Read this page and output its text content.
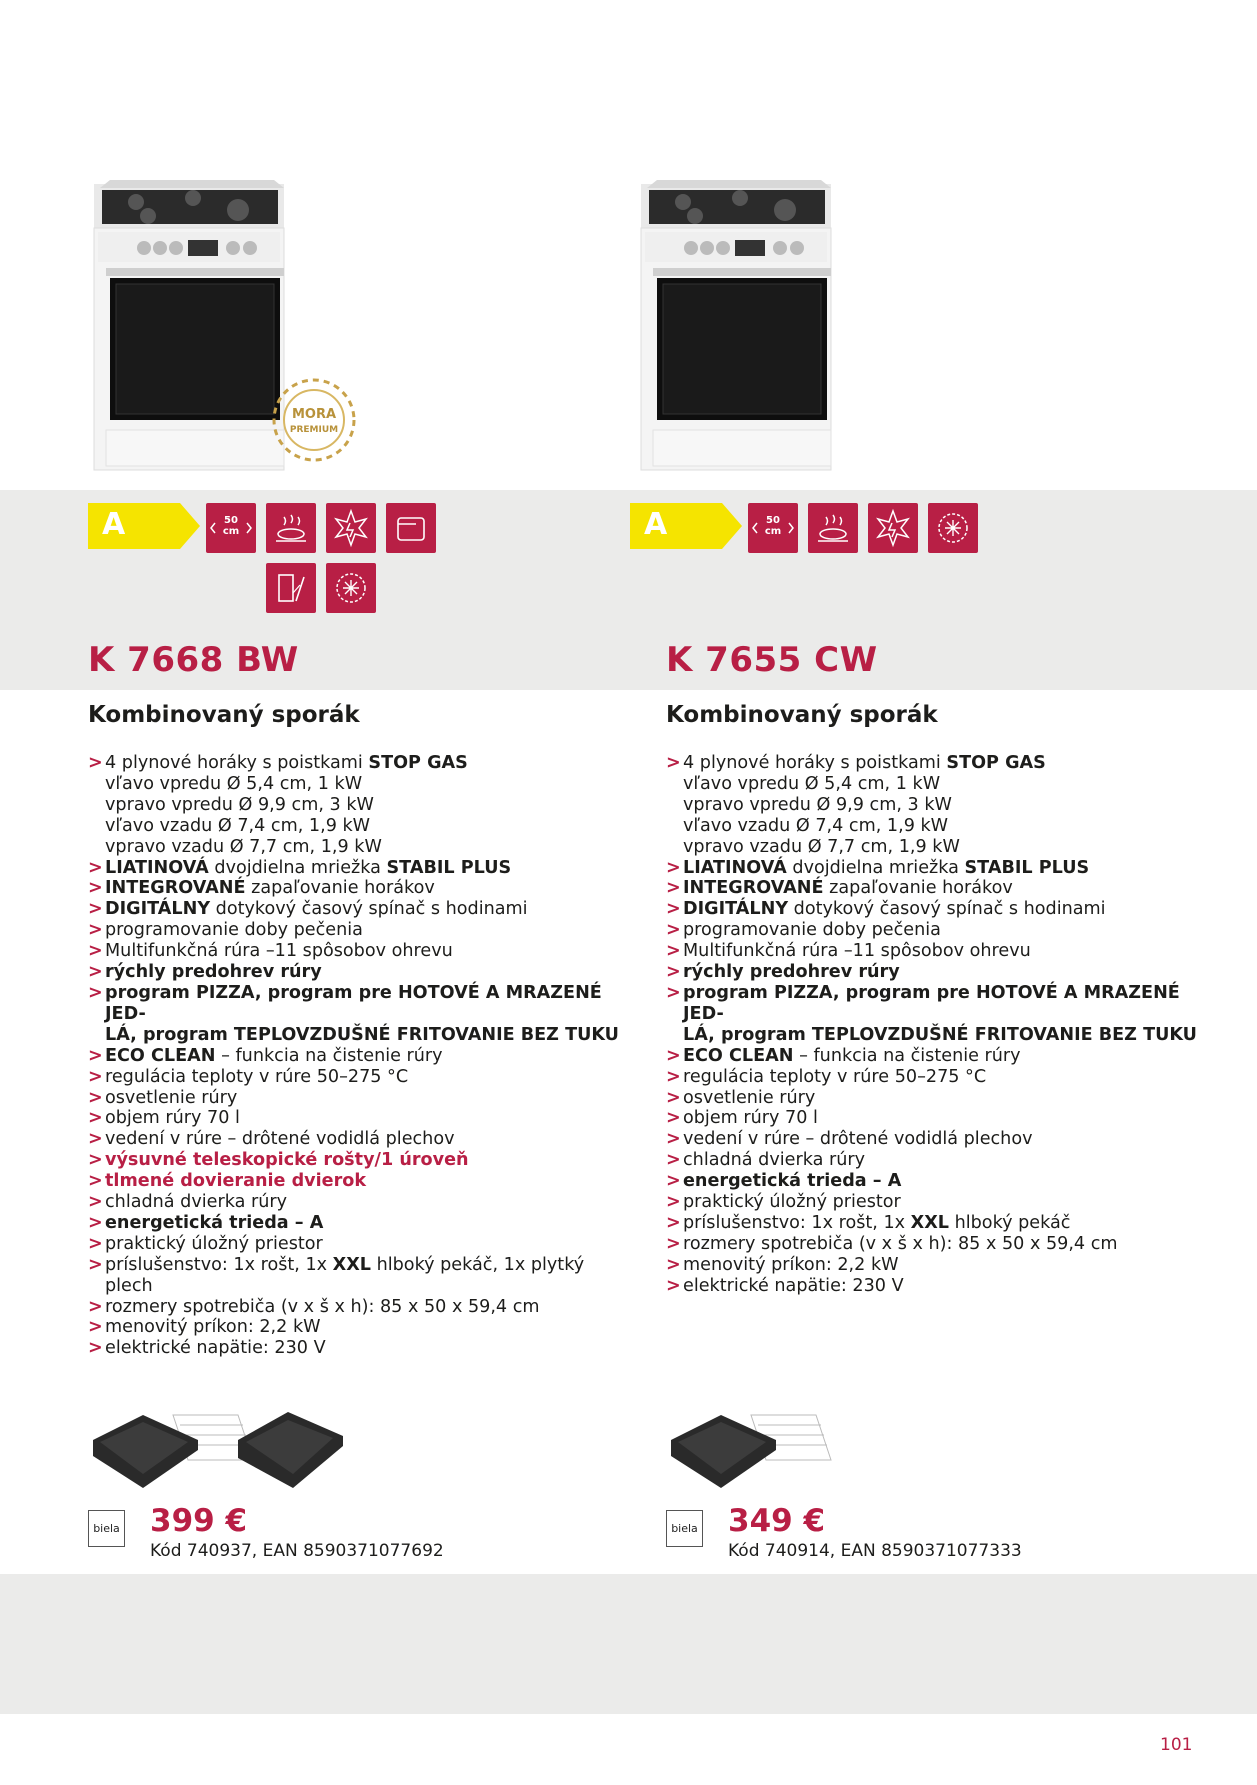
MORA
PREMIUM
A	50
cm
K 7668 BW
Kombinovaný sporák
> 4 plynové horáky s poistkami STOP GAS
vľavo vpredu Ø 5,4 cm, 1 kW
vpravo vpredu Ø 9,9 cm, 3 kW
vľavo vzadu Ø 7,4 cm, 1,9 kW
vpravo vzadu Ø 7,7 cm, 1,9 kW
> LIATINOVÁ dvojdielna mriežka STABIL PLUS
> INTEGROVANÉ zapaľovanie horákov
> DIGITÁLNY dotykový časový spínač s hodinami
> programovanie doby pečenia
> Multifunkčná rúra –11 spôsobov ohrevu
> rýchly predohrev rúry
> program PIZZA, program pre HOTOVÉ A MRAZENÉ JED-
LÁ, program TEPLOVZDUŠNÉ FRITOVANIE BEZ TUKU
> ECO CLEAN – funkcia na čistenie rúry
> regulácia teploty v rúre 50–275 °C
> osvetlenie rúry
> objem rúry 70 l
> vedení v rúre – drôtené vodidlá plechov
> výsuvné teleskopické rošty/1 úroveň
> tlmené dovieranie dvierok
> chladná dvierka rúry
> energetická trieda – A
> praktický úložný priestor
> príslušenstvo: 1x rošt, 1x XXL hlboký pekáč, 1x plytký
plech
> rozmery spotrebiča (v x š x h): 85 x 50 x 59,4 cm
> menovitý príkon: 2,2 kW
> elektrické napätie: 230 V
biela 399 €
Kód 740937, EAN 8590371077692
A	50
cm
K 7655 CW
Kombinovaný sporák
> 4 plynové horáky s poistkami STOP GAS
vľavo vpredu Ø 5,4 cm, 1 kW
vpravo vpredu Ø 9,9 cm, 3 kW
vľavo vzadu Ø 7,4 cm, 1,9 kW
vpravo vzadu Ø 7,7 cm, 1,9 kW
> LIATINOVÁ dvojdielna mriežka STABIL PLUS
> INTEGROVANÉ zapaľovanie horákov
> DIGITÁLNY dotykový časový spínač s hodinami
> programovanie doby pečenia
> Multifunkčná rúra –11 spôsobov ohrevu
> rýchly predohrev rúry
> program PIZZA, program pre HOTOVÉ A MRAZENÉ JED-
LÁ, program TEPLOVZDUŠNÉ FRITOVANIE BEZ TUKU
> ECO CLEAN – funkcia na čistenie rúry
> regulácia teploty v rúre 50–275 °C
> osvetlenie rúry
> objem rúry 70 l
> vedení v rúre – drôtené vodidlá plechov
> chladná dvierka rúry
> energetická trieda – A
> praktický úložný priestor
> príslušenstvo: 1x rošt, 1x XXL hlboký pekáč
> rozmery spotrebiča (v x š x h): 85 x 50 x 59,4 cm
> menovitý príkon: 2,2 kW
> elektrické napätie: 230 V
biela 349 €
Kód 740914, EAN 8590371077333
101
